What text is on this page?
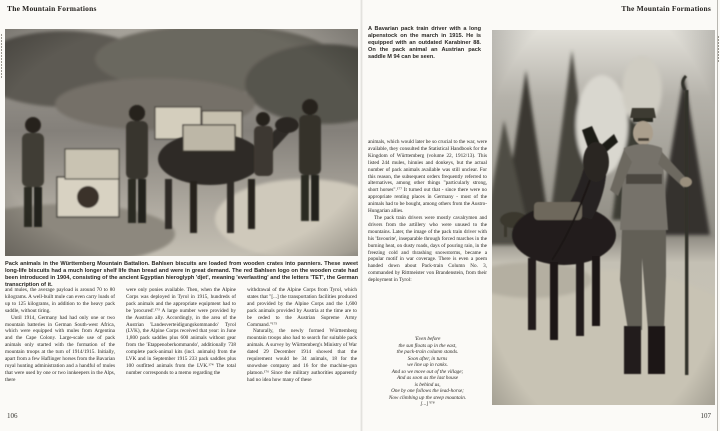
The Mountain Formations	The Mountain Formations
Pack animals in the Württemberg Mountain Battalion. Bahlsen biscuits are loaded from wooden crates into panniers. These sweet long-life biscuits had a much longer shelf life than bread and were in great demand. The red Bahlsen logo on the wooden crate had been introduced in 1904, consisting of the ancient Egyptian hieroglyph 'djet', meaning 'everlasting' and the letters 'TET', the German transcription of it.

and mules, the average payload is around 70 to 80 kilograms. A well-built mule can even carry loads of up to 125 kilograms, in addition to the heavy pack saddle, without tiring.

Until 1914, Germany had had only one or two mountain batteries in German South-west Africa, which were equipped with mules from Argentina and the Cape Colony. Large-scale use of pack animals only started with the formation of the mountain troops at the turn of 1914/1915. Initially, apart from a few Haflinger horses from the Bavarian royal hunting administration and a handful of mules that were used by one or two innkeepers in the Alps, there

were only ponies available. Then, when the Alpine Corps was deployed in Tyrol in 1915, hundreds of pack animals and the appropriate equipment had to be 'procured'.¹⁷³ A large number were provided by the Austrian ally. Accordingly, in the area of the Austrian 'Landesverteidigungskommando' Tyrol (LVK), the Alpine Corps received that year: in June 1,800 pack saddles plus 600 animals without gear from the 'Etappenoberkommando', additionally 738 complete pack-animal kits (incl. animals) from the LVK and in September 1915 233 pack saddles plus 100 outfitted animals from the LVK.¹⁷⁴ The total number corresponds to a memo regarding the

withdrawal of the Alpine Corps from Tyrol, which states that "[...] the transportation facilities produced and provided by the Alpine Corps and the 1,600 pack animals provided by Austria at the time are to be ceded to the Austrian Supreme Army Command."¹⁷⁵

Naturally, the newly formed Württemberg mountain troops also had to search for suitable pack animals. A survey by Württemberg's Ministry of War dated 29 December 1914 showed that the requirement would be 34 animals, 18 for the snowshoe company and 16 for the machine-gun platoon.¹⁷⁶ Since the military authorities apparently had no idea how many of these

A Bavarian pack train driver with a long alpenstock on the march in 1915. He is equipped with an outdated Karabiner 88. On the pack animal an Austrian pack saddle M 94 can be seen.

animals, which would later be so crucial to the war, were available, they consulted the Statistical Handbook for the Kingdom of Württemberg (volume 22, 1912/13). This listed 244 mules, hinnies and donkeys, but the actual number of pack animals available was still unclear. For this reason, the subsequent orders frequently referred to alternatives, among other things "particularly strong, short horses".¹⁷⁷ It turned out that - since there were no appropriate renting places in Germany - most of the animals had to be bought, among others from the Austro-Hungarian allies.

The pack train drivers were mostly cavalrymen and drivers from the artillery who were unused to the mountains. Later, the image of the pack train driver with his 'favourite', inseparable through forced marches in the burning heat, on dusty roads, days of pouring rain, in the freezing cold and thrashing snowstorms, became a popular motif in war coverage. There is even a poem handed down about Pack-train Column No. 3, commanded by Rittmeister von Brandenstein, from their deployment in Tyrol:

'Even before
the sun floats up in the east,
the pack-train column stands.
Soon after, in turns
we line up in ranks.
And so we move out of the village;
And as soon as the last house
is behind us,
One by one follows the lead-horse;
Now climbing up the steep mountain.
[...]'¹⁷⁸
106	107
